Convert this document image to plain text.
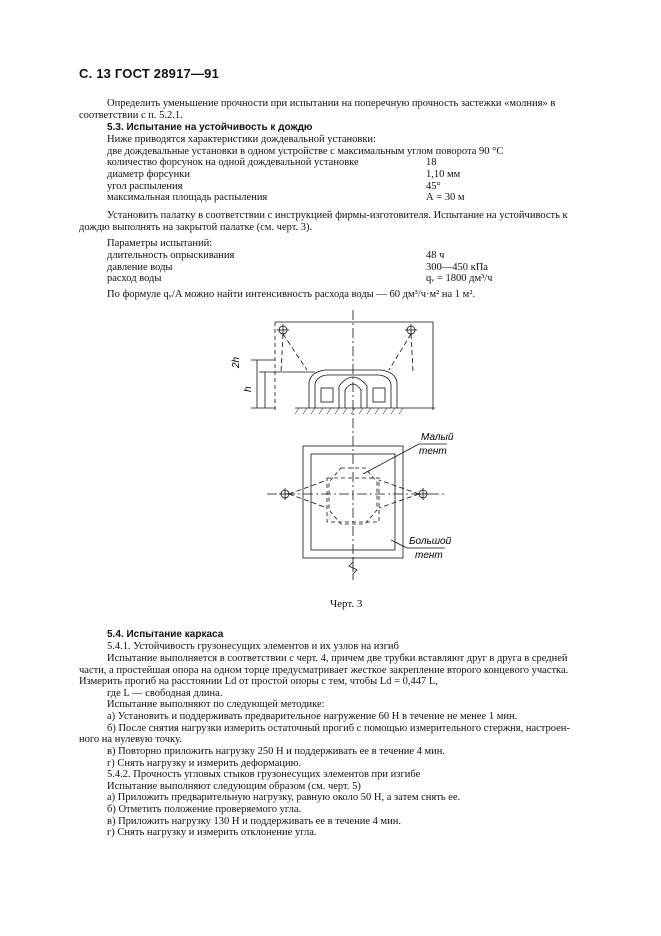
С. 13 ГОСТ 28917—91
Определить уменьшение прочности при испытании на поперечную прочность застежки «молния» в
соответствии с п. 5.2.1.
5.3. Испытание на устойчивость к дождю
Ниже приводятся характеристики дождевальной установки:
две дождевальные установки в одном устройстве с максимальным углом поворота 90 °С
количество форсунок на одной дождевальной установке	18
диаметр форсунки	1,10 мм
угол распыления	45°
максимальная площадь распыления	А = 30 м
Установить палатку в соответствии с инструкцией фирмы-изготовителя. Испытание на устойчивость к
дождю выполнять на закрытой палатке (см. черт. 3).
Параметры испытаний:
длительность опрыскивания	48 ч
давление воды	300—450 кПа
расход воды	qᵥ = 1800 дм³/ч
По формуле qᵥ/A можно найти интенсивность расхода воды — 60 дм³/ч·м² на 1 м².
2h
h
Малый
тент
Большой
тент
Черт. 3
5.4. Испытание каркаса
5.4.1. Устойчивость грузонесущих элементов и их узлов на изгиб
Испытание выполняется в соответствии с черт. 4, причем две трубки вставляют друг в друга в средней
части, а простейшая опора на одном торце предусматривает жесткое закрепление второго концевого участка.
Измерить прогиб на расстоянии Ld от простой опоры с тем, чтобы Ld = 0,447 L,
где L — свободная длина.
Испытание выполняют по следующей методике:
а) Установить и поддерживать предварительное нагружение 60 Н в течение не менее 1 мин.
б) После снятия нагрузки измерить остаточный прогиб с помощью измерительного стержня, настроен-
ного на нулевую точку.
в) Повторно приложить нагрузку 250 Н и поддерживать ее в течение 4 мин.
г) Снять нагрузку и измерить деформацию.
5.4.2. Прочность угловых стыков грузонесущих элементов при изгибе
Испытание выполняют следующим образом (см. черт. 5)
а) Приложить предварительную нагрузку, равную около 50 Н, а затем снять ее.
б) Отметить положение проверяемого угла.
в) Приложить нагрузку 130 Н и поддерживать ее в течение 4 мин.
г) Снять нагрузку и измерить отклонение угла.
